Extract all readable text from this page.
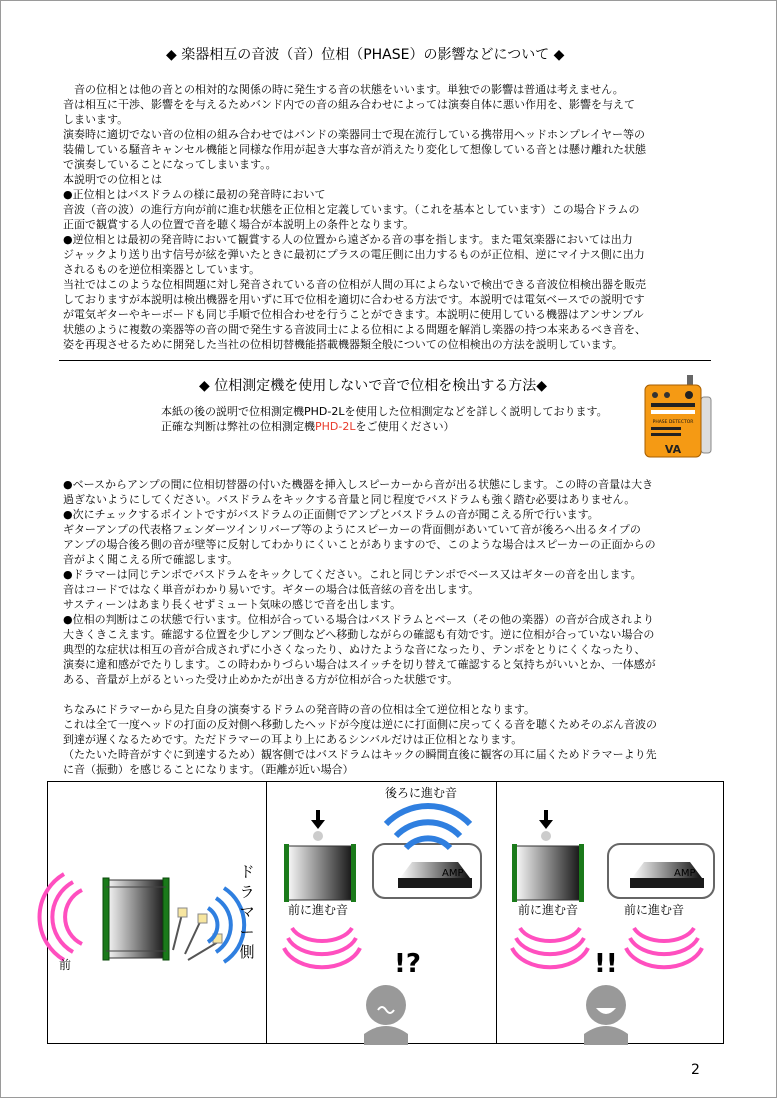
◆ 楽器相互の音波（音）位相（PHASE）の影響などについて ◆
　音の位相とは他の音との相対的な関係の時に発生する音の状態をいいます。単独での影響は普通は考えません。
音は相互に干渉、影響をを与えるためバンド内での音の組み合わせによっては演奏自体に悪い作用を、影響を与えて
しまいます。
演奏時に適切でない音の位相の組み合わせではバンドの楽器同士で現在流行している携帯用ヘッドホンプレイヤー等の
装備している騒音キャンセル機能と同様な作用が起き大事な音が消えたり変化して想像している音とは懸け離れた状態
で演奏していることになってしまいます。。
本説明での位相とは
●正位相とはバスドラムの様に最初の発音時において
音波（音の波）の進行方向が前に進む状態を正位相と定義しています。（これを基本としています）この場合ドラムの
正面で観賞する人の位置で音を聴く場合が本説明上の条件となります。
●逆位相とは最初の発音時において観賞する人の位置から遠ざかる音の事を指します。また電気楽器においては出力
ジャックより送り出す信号が絃を弾いたときに最初にプラスの電圧側に出力するものが正位相、逆にマイナス側に出力
されるものを逆位相楽器としています。
当社ではこのような位相問題に対し発音されている音の位相が人間の耳によらないで検出できる音波位相検出器を販売
しておりますが本説明は検出機器を用いずに耳で位相を適切に合わせる方法です。本説明では電気ベースでの説明です
が電気ギターやキーボードも同じ手順で位相合わせを行うことができます。本説明に使用している機器はアンサンブル
状態のように複数の楽器等の音の間で発生する音波同士による位相による問題を解消し楽器の持つ本来あるべき音を、
姿を再現させるために開発した当社の位相切替機能搭載機器類全般についての位相検出の方法を説明しています。
◆ 位相測定機を使用しないで音で位相を検出する方法◆
本紙の後の説明で位相測定機PHD-2Lを使用した位相測定などを詳しく説明しております。
正確な判断は弊社の位相測定機PHD-2Lをご使用ください）	PHASE DETECTOR
VA
●ベースからアンプの間に位相切替器の付いた機器を挿入しスピーカーから音が出る状態にします。この時の音量は大き
過ぎないようにしてください。バスドラムをキックする音量と同じ程度でバスドラムも強く踏む必要はありません。
●次にチェックするポイントですがバスドラムの正面側でアンプとバスドラムの音が聞こえる所で行います。
ギターアンプの代表格フェンダーツインリバーブ等のようにスピーカーの背面側があいていて音が後ろへ出るタイプの
アンプの場合後ろ側の音が壁等に反射してわかりにくいことがありますので、このような場合はスピーカーの正面からの
音がよく聞こえる所で確認します。
●ドラマーは同じテンポでバスドラムをキックしてください。これと同じテンポでベース又はギターの音を出します。
音はコードではなく単音がわかり易いです。ギターの場合は低音絃の音を出します。
サスティーンはあまり長くせずミュート気味の感じで音を出します。
●位相の判断はこの状態で行います。位相が合っている場合はバスドラムとベース（その他の楽器）の音が合成されより
大きくきこえます。確認する位置を少しアンプ側などへ移動しながらの確認も有効です。逆に位相が合っていない場合の
典型的な症状は相互の音が合成されずに小さくなったり、ぬけたような音になったり、テンポをとりにくくなったり、
演奏に違和感がでたりします。この時わかりづらい場合はスイッチを切り替えて確認すると気持ちがいいとか、一体感が
ある、音量が上がるといった受け止めかたが出きる方が位相が合った状態です。
ちなみにドラマーから見た自身の演奏するドラムの発音時の音の位相は全て逆位相となります。
これは全て一度ヘッドの打面の反対側へ移動したヘッドが今度は逆にに打面側に戻ってくる音を聴くためそのぶん音波の
到達が遅くなるためです。ただドラマーの耳より上にあるシンバルだけは正位相となります。
（たたいた時音がすぐに到達するため）観客側ではバスドラムはキックの瞬間直後に観客の耳に届くためドラマーより先
に音（振動）を感じることになります。（距離が近い場合）
前
ド
ラ
マ
ー
側
後ろに進む音
AMP
前に進む音
!?
AMP
前に進む音	前に進む音
!!
2
